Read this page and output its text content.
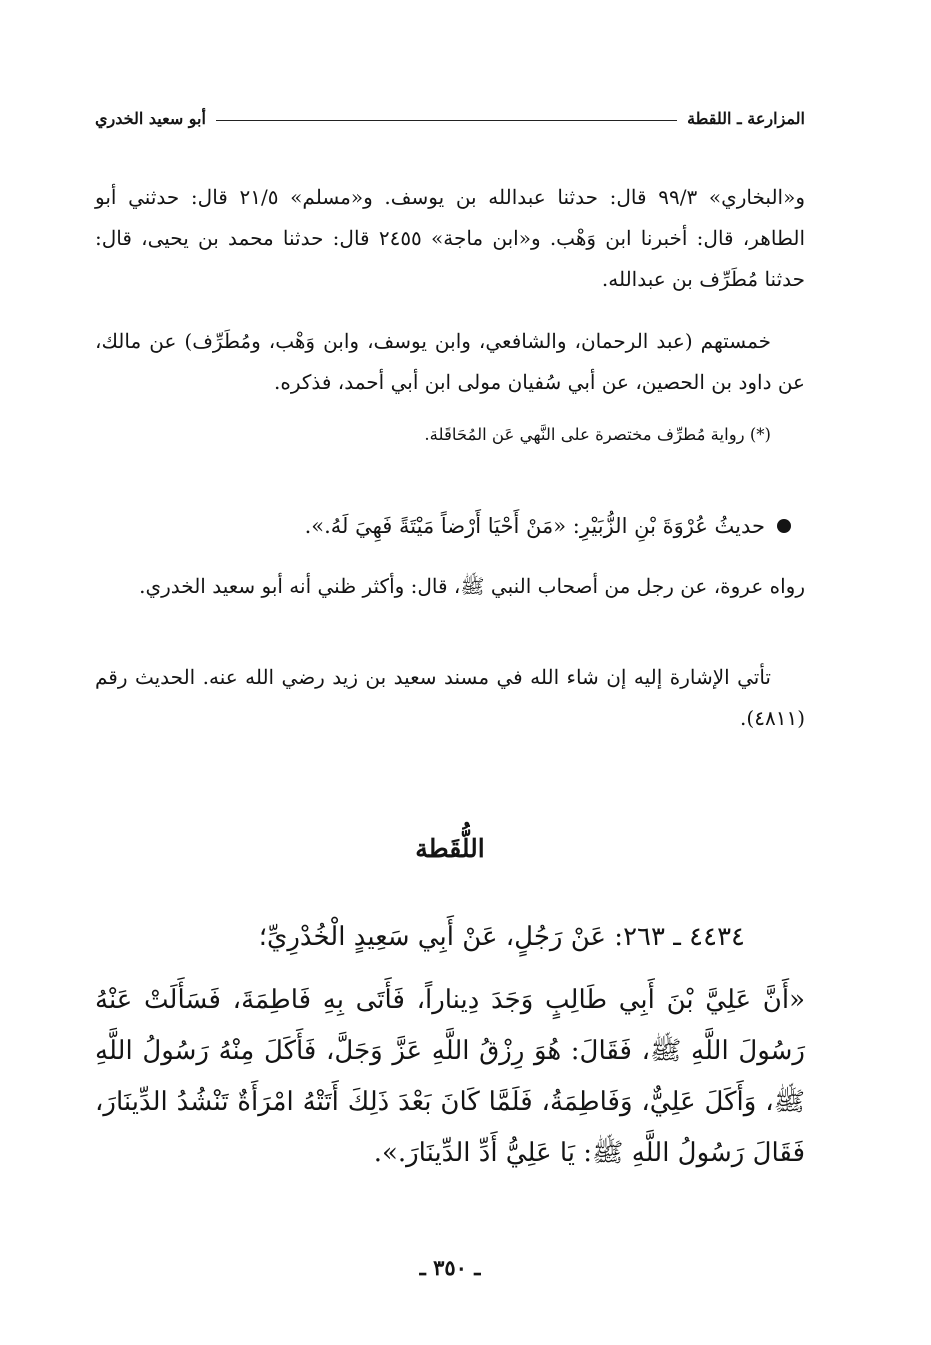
المزارعة ـ اللقطة
أبو سعيد الخدري

و«البخاري» ٩٩/٣ قال: حدثنا عبدالله بن يوسف. و«مسلم» ٢١/٥ قال: حدثني أبو الطاهر، قال: أخبرنا ابن وَهْب. و«ابن ماجة» ٢٤٥٥ قال: حدثنا محمد بن يحيى، قال: حدثنا مُطَرِّف بن عبدالله.

خمستهم (عبد الرحمان، والشافعي، وابن يوسف، وابن وَهْب، ومُطَرِّف) عن مالك، عن داود بن الحصين، عن أبي سُفيان مولى ابن أبي أحمد، فذكره.

(*) رواية مُطرِّف مختصرة على النَّهي عَن المُحَاقَلة.

حديثُ عُرْوَةَ بْنِ الزُّبَيْرِ: «مَنْ أَحْيَا أَرْضاً مَيْتَةً فَهِيَ لَهُ.».

رواه عروة، عن رجل من أصحاب النبي ﷺ، قال: وأكثر ظني أنه أبو سعيد الخدري.

تأتي الإشارة إليه إن شاء الله في مسند سعيد بن زيد رضي الله عنه. الحديث رقم (٤٨١١).

اللُّقَطة

٤٤٣٤ ـ ٢٦٣: عَنْ رَجُلٍ، عَنْ أَبِي سَعِيدٍ الْخُدْرِيِّ؛

«أَنَّ عَلِيَّ بْنَ أَبِي طَالِبٍ وَجَدَ دِيناراً، فَأَتَى بِهِ فَاطِمَةَ، فَسَأَلَتْ عَنْهُ رَسُولَ اللَّهِ ﷺ، فَقَالَ: هُوَ رِزْقُ اللَّهِ عَزَّ وَجَلَّ، فَأَكَلَ مِنْهُ رَسُولُ اللَّهِ ﷺ، وَأَكَلَ عَلِيٌّ، وَفَاطِمَةُ، فَلَمَّا كَانَ بَعْدَ ذَلِكَ أَتَتْهُ امْرَأَةٌ تَنْشُدُ الدِّينَارَ، فَقَالَ رَسُولُ اللَّهِ ﷺ: يَا عَلِيُّ أَدِّ الدِّينَارَ.».

ـ ٣٥٠ ـ
